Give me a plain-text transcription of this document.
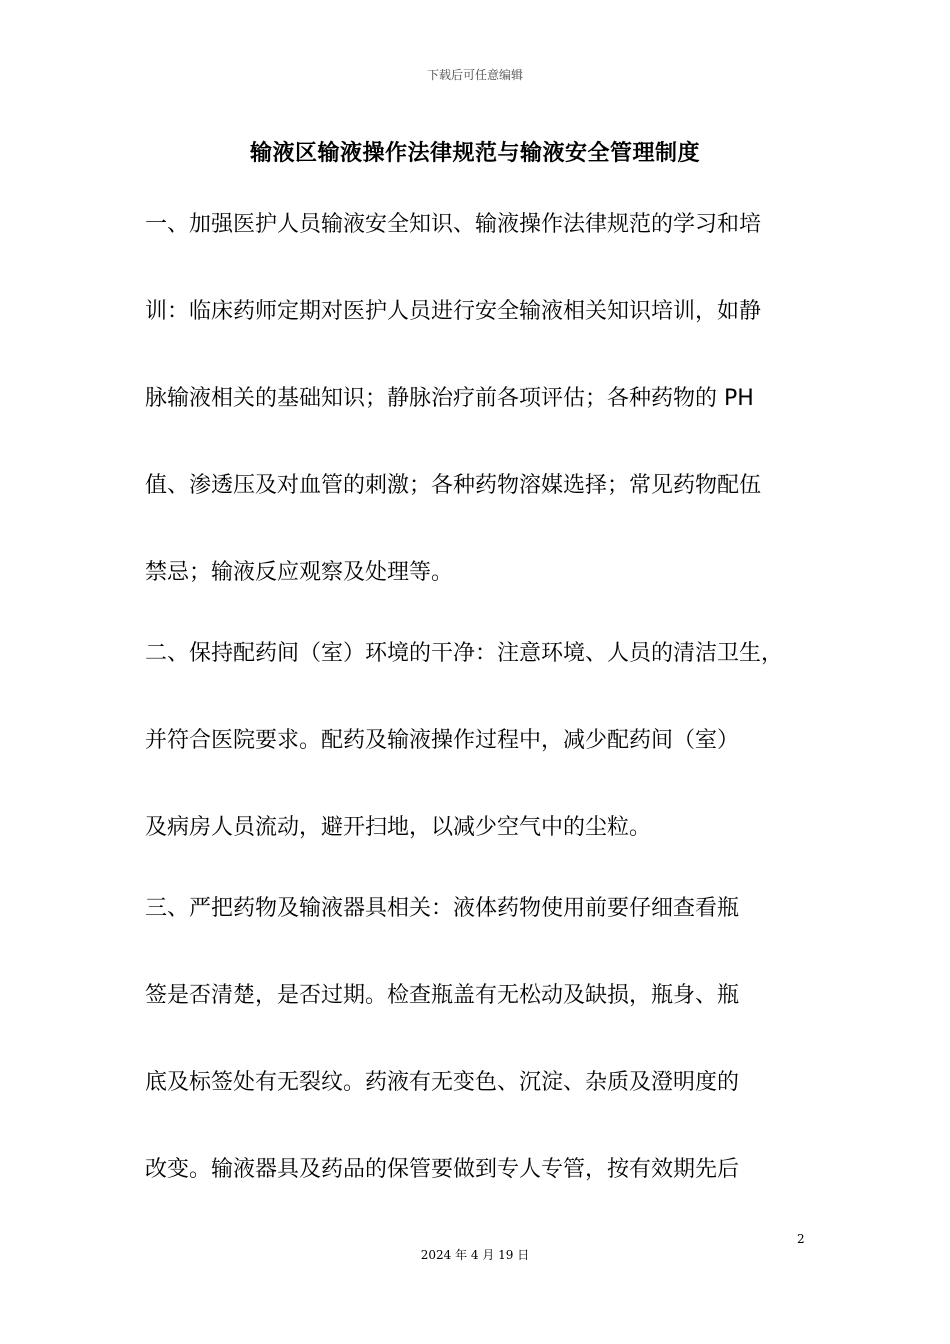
下载后可任意编辑
输液区输液操作法律规范与输液安全管理制度
一、加强医护人员输液安全知识、输液操作法律规范的学习和培
训：临床药师定期对医护人员进行安全输液相关知识培训，如静
脉输液相关的基础知识；静脉治疗前各项评估；各种药物的 PH
值、渗透压及对血管的刺激；各种药物溶媒选择；常见药物配伍
禁忌；输液反应观察及处理等。
二、保持配药间（室）环境的干净：注意环境、人员的清洁卫生，
并符合医院要求。配药及输液操作过程中，减少配药间（室）
及病房人员流动，避开扫地，以减少空气中的尘粒。
三、严把药物及输液器具相关：液体药物使用前要仔细查看瓶
签是否清楚，是否过期。检查瓶盖有无松动及缺损，瓶身、瓶
底及标签处有无裂纹。药液有无变色、沉淀、杂质及澄明度的
改变。输液器具及药品的保管要做到专人专管，按有效期先后
2
2024 年 4 月 19 日
